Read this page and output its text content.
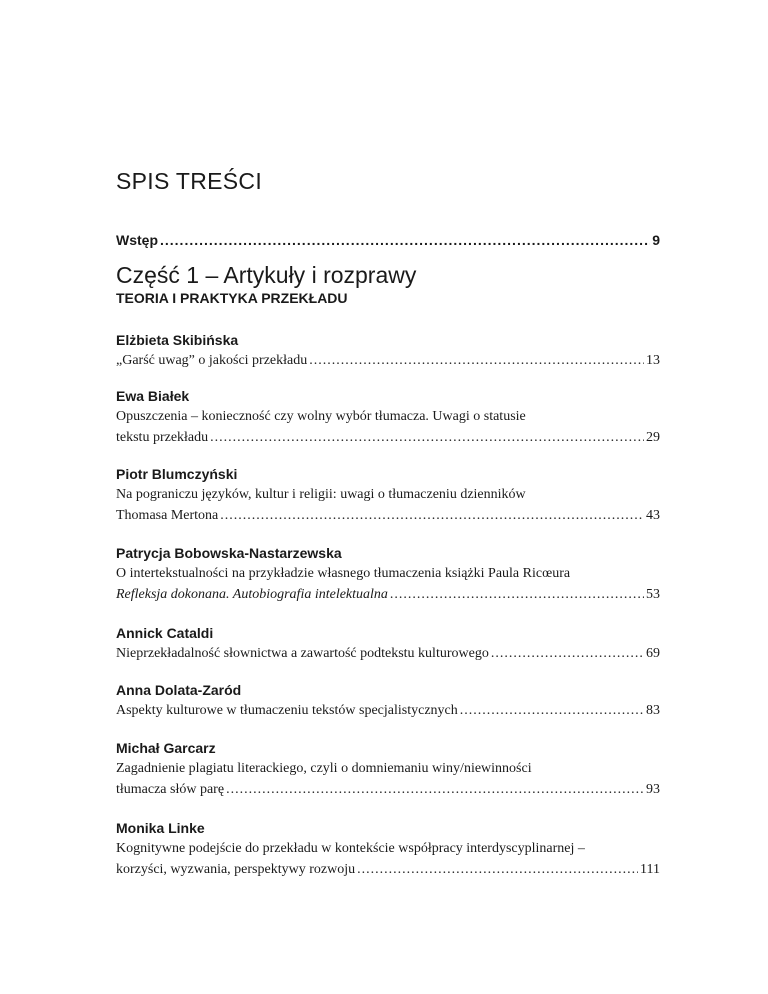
SPIS TREŚCI
Wstęp .....	9
Część 1 – Artykuły i rozprawy
TEORIA I PRAKTYKA PRZEKŁADU
Elżbieta Skibińska
„Garść uwag” o jakości przekładu .....	13
Ewa Białek
Opuszczenia – konieczność czy wolny wybór tłumacza. Uwagi o statusie
tekstu przekładu .....	29
Piotr Blumczyński
Na pograniczu języków, kultur i religii: uwagi o tłumaczeniu dzienników
Thomasa Mertona .....	43
Patrycja Bobowska-Nastarzewska
O intertekstualności na przykładzie własnego tłumaczenia książki Paula Ricœura
Refleksja dokonana. Autobiografia intelektualna .....	53
Annick Cataldi
Nieprzekładalność słownictwa a zawartość podtekstu kulturowego .....	69
Anna Dolata-Zaród
Aspekty kulturowe w tłumaczeniu tekstów specjalistycznych .....	83
Michał Garcarz
Zagadnienie plagiatu literackiego, czyli o domniemaniu winy/niewinności
tłumacza słów parę .....	93
Monika Linke
Kognitywne podejście do przekładu w kontekście współpracy interdyscyplinarnej –
korzyści, wyzwania, perspektywy rozwoju .....	111
